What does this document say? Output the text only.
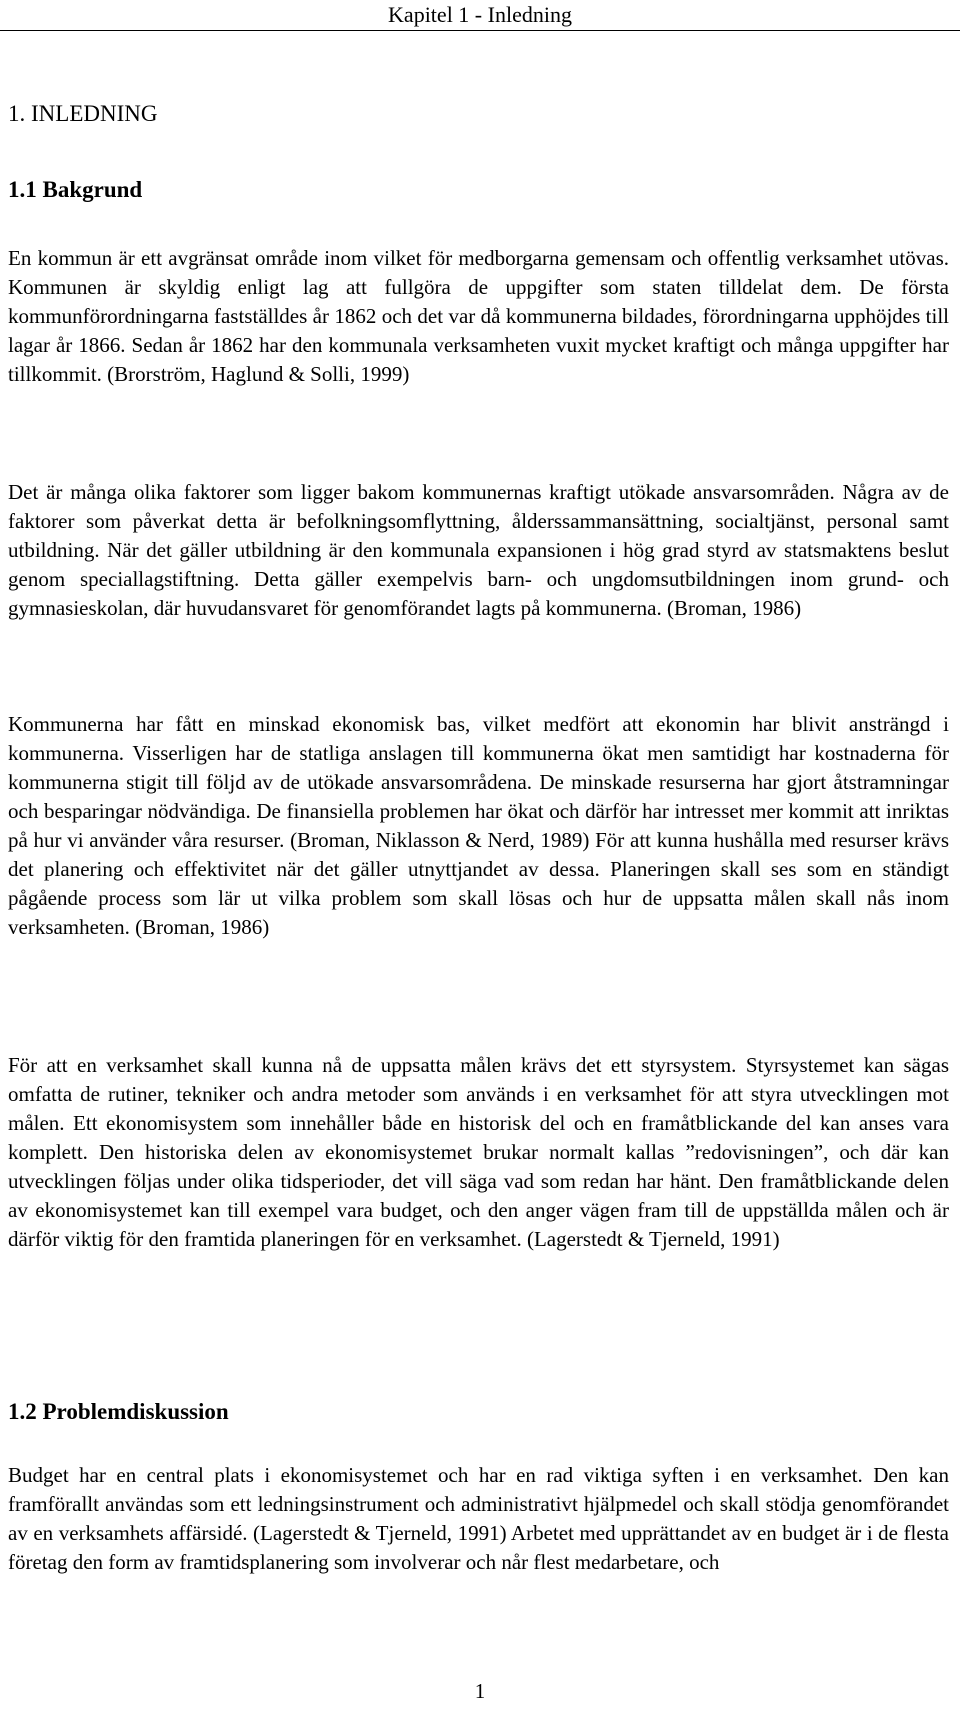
Kapitel 1 - Inledning
1. INLEDNING
1.1 Bakgrund

En kommun är ett avgränsat område inom vilket för medborgarna gemensam och offentlig verksamhet utövas. Kommunen är skyldig enligt lag att fullgöra de uppgifter som staten tilldelat dem. De första kommunförordningarna fastställdes år 1862 och det var då kommunerna bildades, förordningarna upphöjdes till lagar år 1866. Sedan år 1862 har den kommunala verksamheten vuxit mycket kraftigt och många uppgifter har tillkommit. (Brorström, Haglund & Solli, 1999)

Det är många olika faktorer som ligger bakom kommunernas kraftigt utökade ansvarsområden. Några av de faktorer som påverkat detta är befolkningsomflyttning, ålderssammansättning, socialtjänst, personal samt utbildning. När det gäller utbildning är den kommunala expansionen i hög grad styrd av statsmaktens beslut genom speciallagstiftning. Detta gäller exempelvis barn- och ungdomsutbildningen inom grund- och gymnasieskolan, där huvudansvaret för genomförandet lagts på kommunerna. (Broman, 1986)

Kommunerna har fått en minskad ekonomisk bas, vilket medfört att ekonomin har blivit ansträngd i kommunerna. Visserligen har de statliga anslagen till kommunerna ökat men samtidigt har kostnaderna för kommunerna stigit till följd av de utökade ansvarsområdena. De minskade resurserna har gjort åtstramningar och besparingar nödvändiga. De finansiella problemen har ökat och därför har intresset mer kommit att inriktas på hur vi använder våra resurser. (Broman, Niklasson & Nerd, 1989) För att kunna hushålla med resurser krävs det planering och effektivitet när det gäller utnyttjandet av dessa. Planeringen skall ses som en ständigt pågående process som lär ut vilka problem som skall lösas och hur de uppsatta målen skall nås inom verksamheten. (Broman, 1986)

För att en verksamhet skall kunna nå de uppsatta målen krävs det ett styrsystem. Styrsystemet kan sägas omfatta de rutiner, tekniker och andra metoder som används i en verksamhet för att styra utvecklingen mot målen. Ett ekonomisystem som innehåller både en historisk del och en framåtblickande del kan anses vara komplett. Den historiska delen av ekonomisystemet brukar normalt kallas ”redovisningen”, och där kan utvecklingen följas under olika tidsperioder, det vill säga vad som redan har hänt. Den framåtblickande delen av ekonomisystemet kan till exempel vara budget, och den anger vägen fram till de uppställda målen och är därför viktig för den framtida planeringen för en verksamhet. (Lagerstedt & Tjerneld, 1991)

1.2 Problemdiskussion

Budget har en central plats i ekonomisystemet och har en rad viktiga syften i en verksamhet. Den kan framförallt användas som ett ledningsinstrument och administrativt hjälpmedel och skall stödja genomförandet av en verksamhets affärsidé. (Lagerstedt & Tjerneld, 1991) Arbetet med upprättandet av en budget är i de flesta företag den form av framtidsplanering som involverar och når flest medarbetare, och

1
